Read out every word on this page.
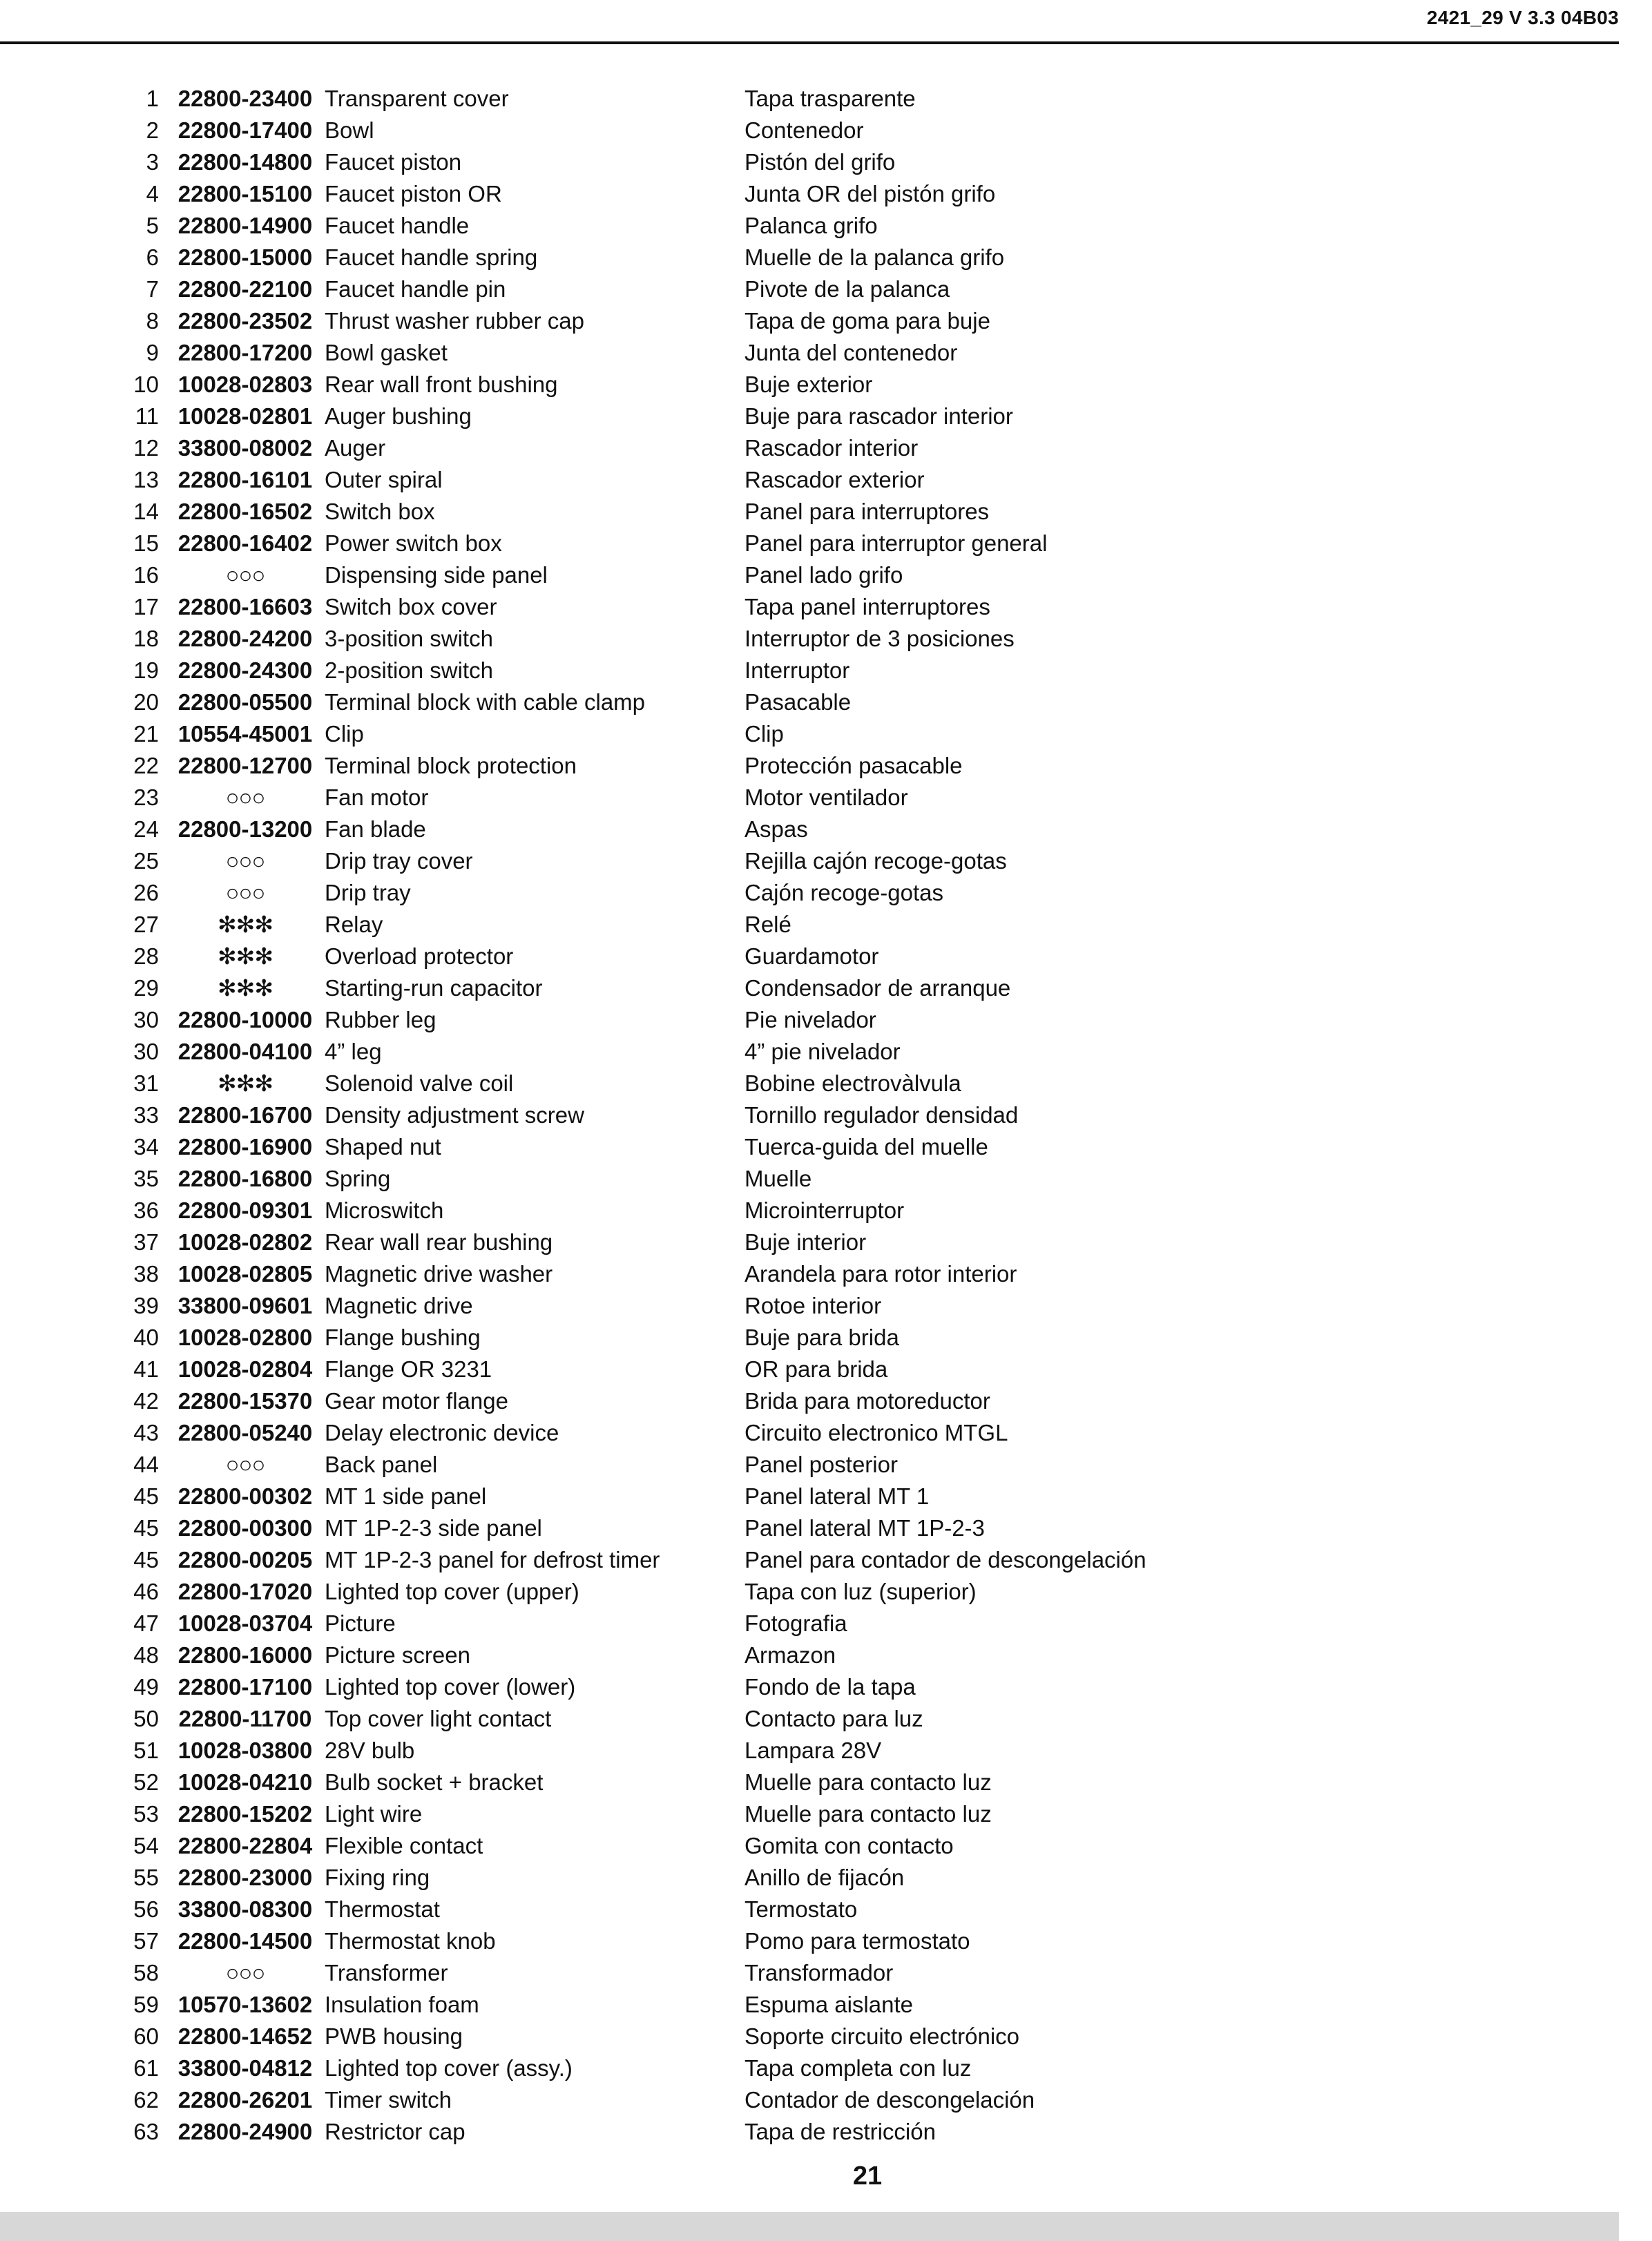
2421_29 V 3.3 04B03
1 22800-23400 Transparent cover	Tapa trasparente
2 22800-17400 Bowl	Contenedor
3 22800-14800 Faucet piston	Pistón del grifo
4 22800-15100 Faucet piston OR	Junta OR del pistón grifo
5 22800-14900 Faucet handle	Palanca grifo
6 22800-15000 Faucet handle spring	Muelle de la palanca grifo
7 22800-22100 Faucet handle pin	Pivote de la palanca
8 22800-23502 Thrust washer rubber cap	Tapa de goma para buje
9 22800-17200 Bowl gasket	Junta del contenedor
10 10028-02803 Rear wall front bushing	Buje exterior
11 10028-02801 Auger bushing	Buje para rascador interior
12 33800-08002 Auger	Rascador interior
13 22800-16101 Outer spiral	Rascador exterior
14 22800-16502 Switch box	Panel para interruptores
15 22800-16402 Power switch box	Panel para interruptor general
16	○○○	Dispensing side panel	Panel lado grifo
17 22800-16603 Switch box cover	Tapa panel interruptores
18 22800-24200 3-position switch	Interruptor de 3 posiciones
19 22800-24300 2-position switch	Interruptor
20 22800-05500 Terminal block with cable clamp	Pasacable
21 10554-45001 Clip	Clip
22 22800-12700 Terminal block protection	Protección pasacable
23	○○○	Fan motor	Motor ventilador
24 22800-13200 Fan blade	Aspas
25	○○○	Drip tray cover	Rejilla cajón recoge-gotas
26	○○○	Drip tray	Cajón recoge-gotas
27	✻✻✻	Relay	Relé
28	✻✻✻	Overload protector	Guardamotor
29	✻✻✻	Starting-run capacitor	Condensador de arranque
30 22800-10000 Rubber leg	Pie nivelador
30 22800-04100 4” leg	4” pie nivelador
31	✻✻✻	Solenoid valve coil	Bobine electrovàlvula
33 22800-16700 Density adjustment screw	Tornillo regulador densidad
34 22800-16900 Shaped nut	Tuerca-guida del muelle
35 22800-16800 Spring	Muelle
36 22800-09301 Microswitch	Microinterruptor
37 10028-02802 Rear wall rear bushing	Buje interior
38 10028-02805 Magnetic drive washer	Arandela para rotor interior
39 33800-09601 Magnetic drive	Rotoe interior
40 10028-02800 Flange bushing	Buje para brida
41 10028-02804 Flange OR 3231	OR para brida
42 22800-15370 Gear motor flange	Brida para motoreductor
43 22800-05240 Delay electronic device	Circuito electronico MTGL
44	○○○	Back panel	Panel posterior
45 22800-00302 MT 1 side panel	Panel lateral MT 1
45 22800-00300 MT 1P-2-3 side panel	Panel lateral MT 1P-2-3
45 22800-00205 MT 1P-2-3 panel for defrost timer	Panel para contador de descongelación
46 22800-17020 Lighted top cover (upper)	Tapa con luz (superior)
47 10028-03704 Picture	Fotografia
48 22800-16000 Picture screen	Armazon
49 22800-17100 Lighted top cover (lower)	Fondo de la tapa
50 22800-11700 Top cover light contact	Contacto para luz
51 10028-03800 28V bulb	Lampara 28V
52 10028-04210 Bulb socket + bracket	Muelle para contacto luz
53 22800-15202 Light wire	Muelle para contacto luz
54 22800-22804 Flexible contact	Gomita con contacto
55 22800-23000 Fixing ring	Anillo de fijacón
56 33800-08300 Thermostat	Termostato
57 22800-14500 Thermostat knob	Pomo para termostato
58	○○○	Transformer	Transformador
59 10570-13602 Insulation foam	Espuma aislante
60 22800-14652 PWB housing	Soporte circuito electrónico
61 33800-04812 Lighted top cover (assy.)	Tapa completa con luz
62 22800-26201 Timer switch	Contador de descongelación
63 22800-24900 Restrictor cap	Tapa de restricción
21
